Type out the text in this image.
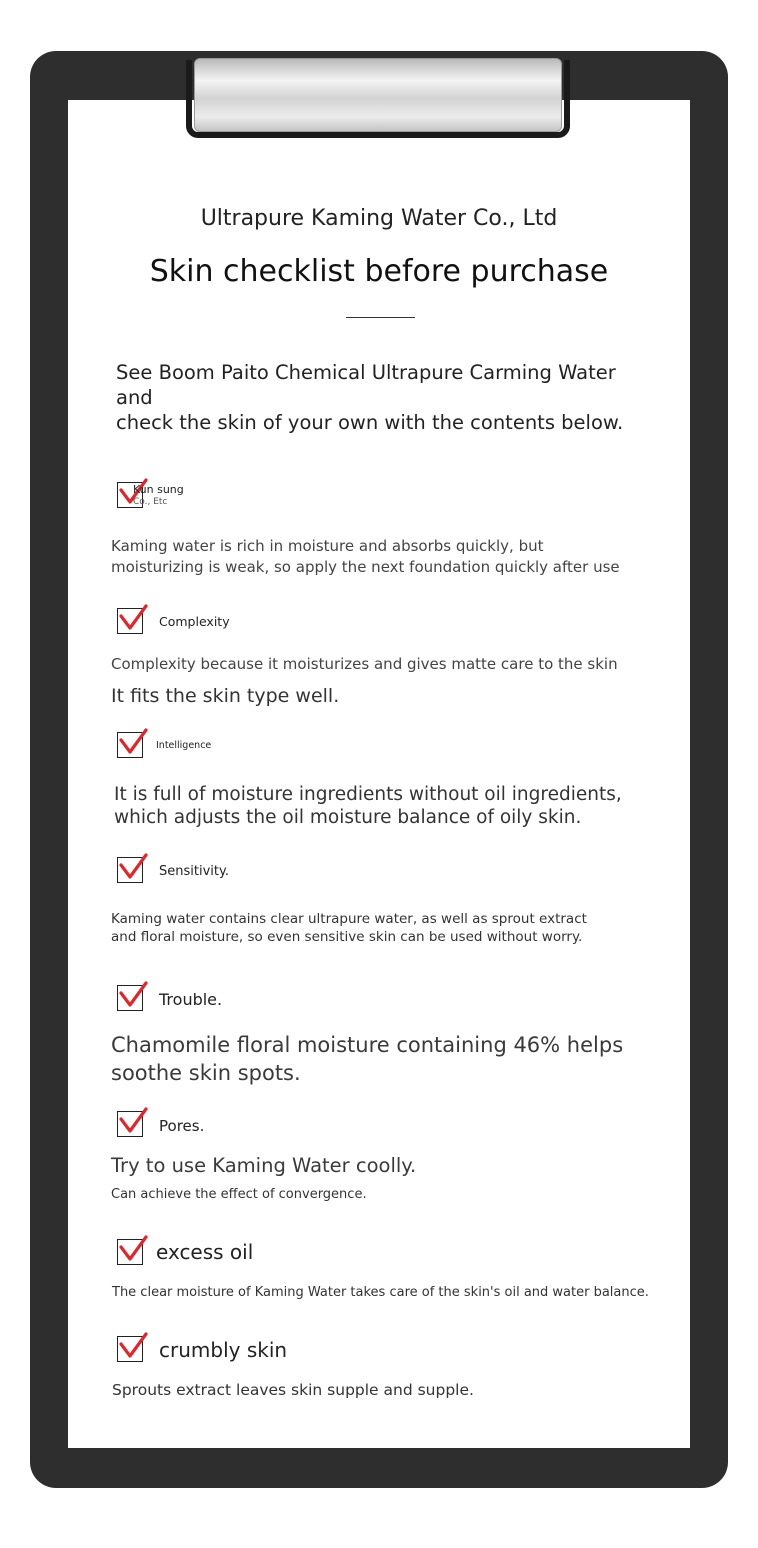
Ultrapure Kaming Water Co., Ltd
Skin checklist before purchase
See Boom Paito Chemical Ultrapure Carming Water and
check the skin of your own with the contents below.
Kun sung
Co., Etc
Kaming water is rich in moisture and absorbs quickly, but
moisturizing is weak, so apply the next foundation quickly after use
Complexity
Complexity because it moisturizes and gives matte care to the skin
It fits the skin type well.
Intelligence
It is full of moisture ingredients without oil ingredients,
which adjusts the oil moisture balance of oily skin.
Sensitivity.
Kaming water contains clear ultrapure water, as well as sprout extract
and floral moisture, so even sensitive skin can be used without worry.
Trouble.
Chamomile floral moisture containing 46% helps
soothe skin spots.
Pores.
Try to use Kaming Water coolly.
Can achieve the effect of convergence.
excess oil
The clear moisture of Kaming Water takes care of the skin's oil and water balance.
crumbly skin
Sprouts extract leaves skin supple and supple.
